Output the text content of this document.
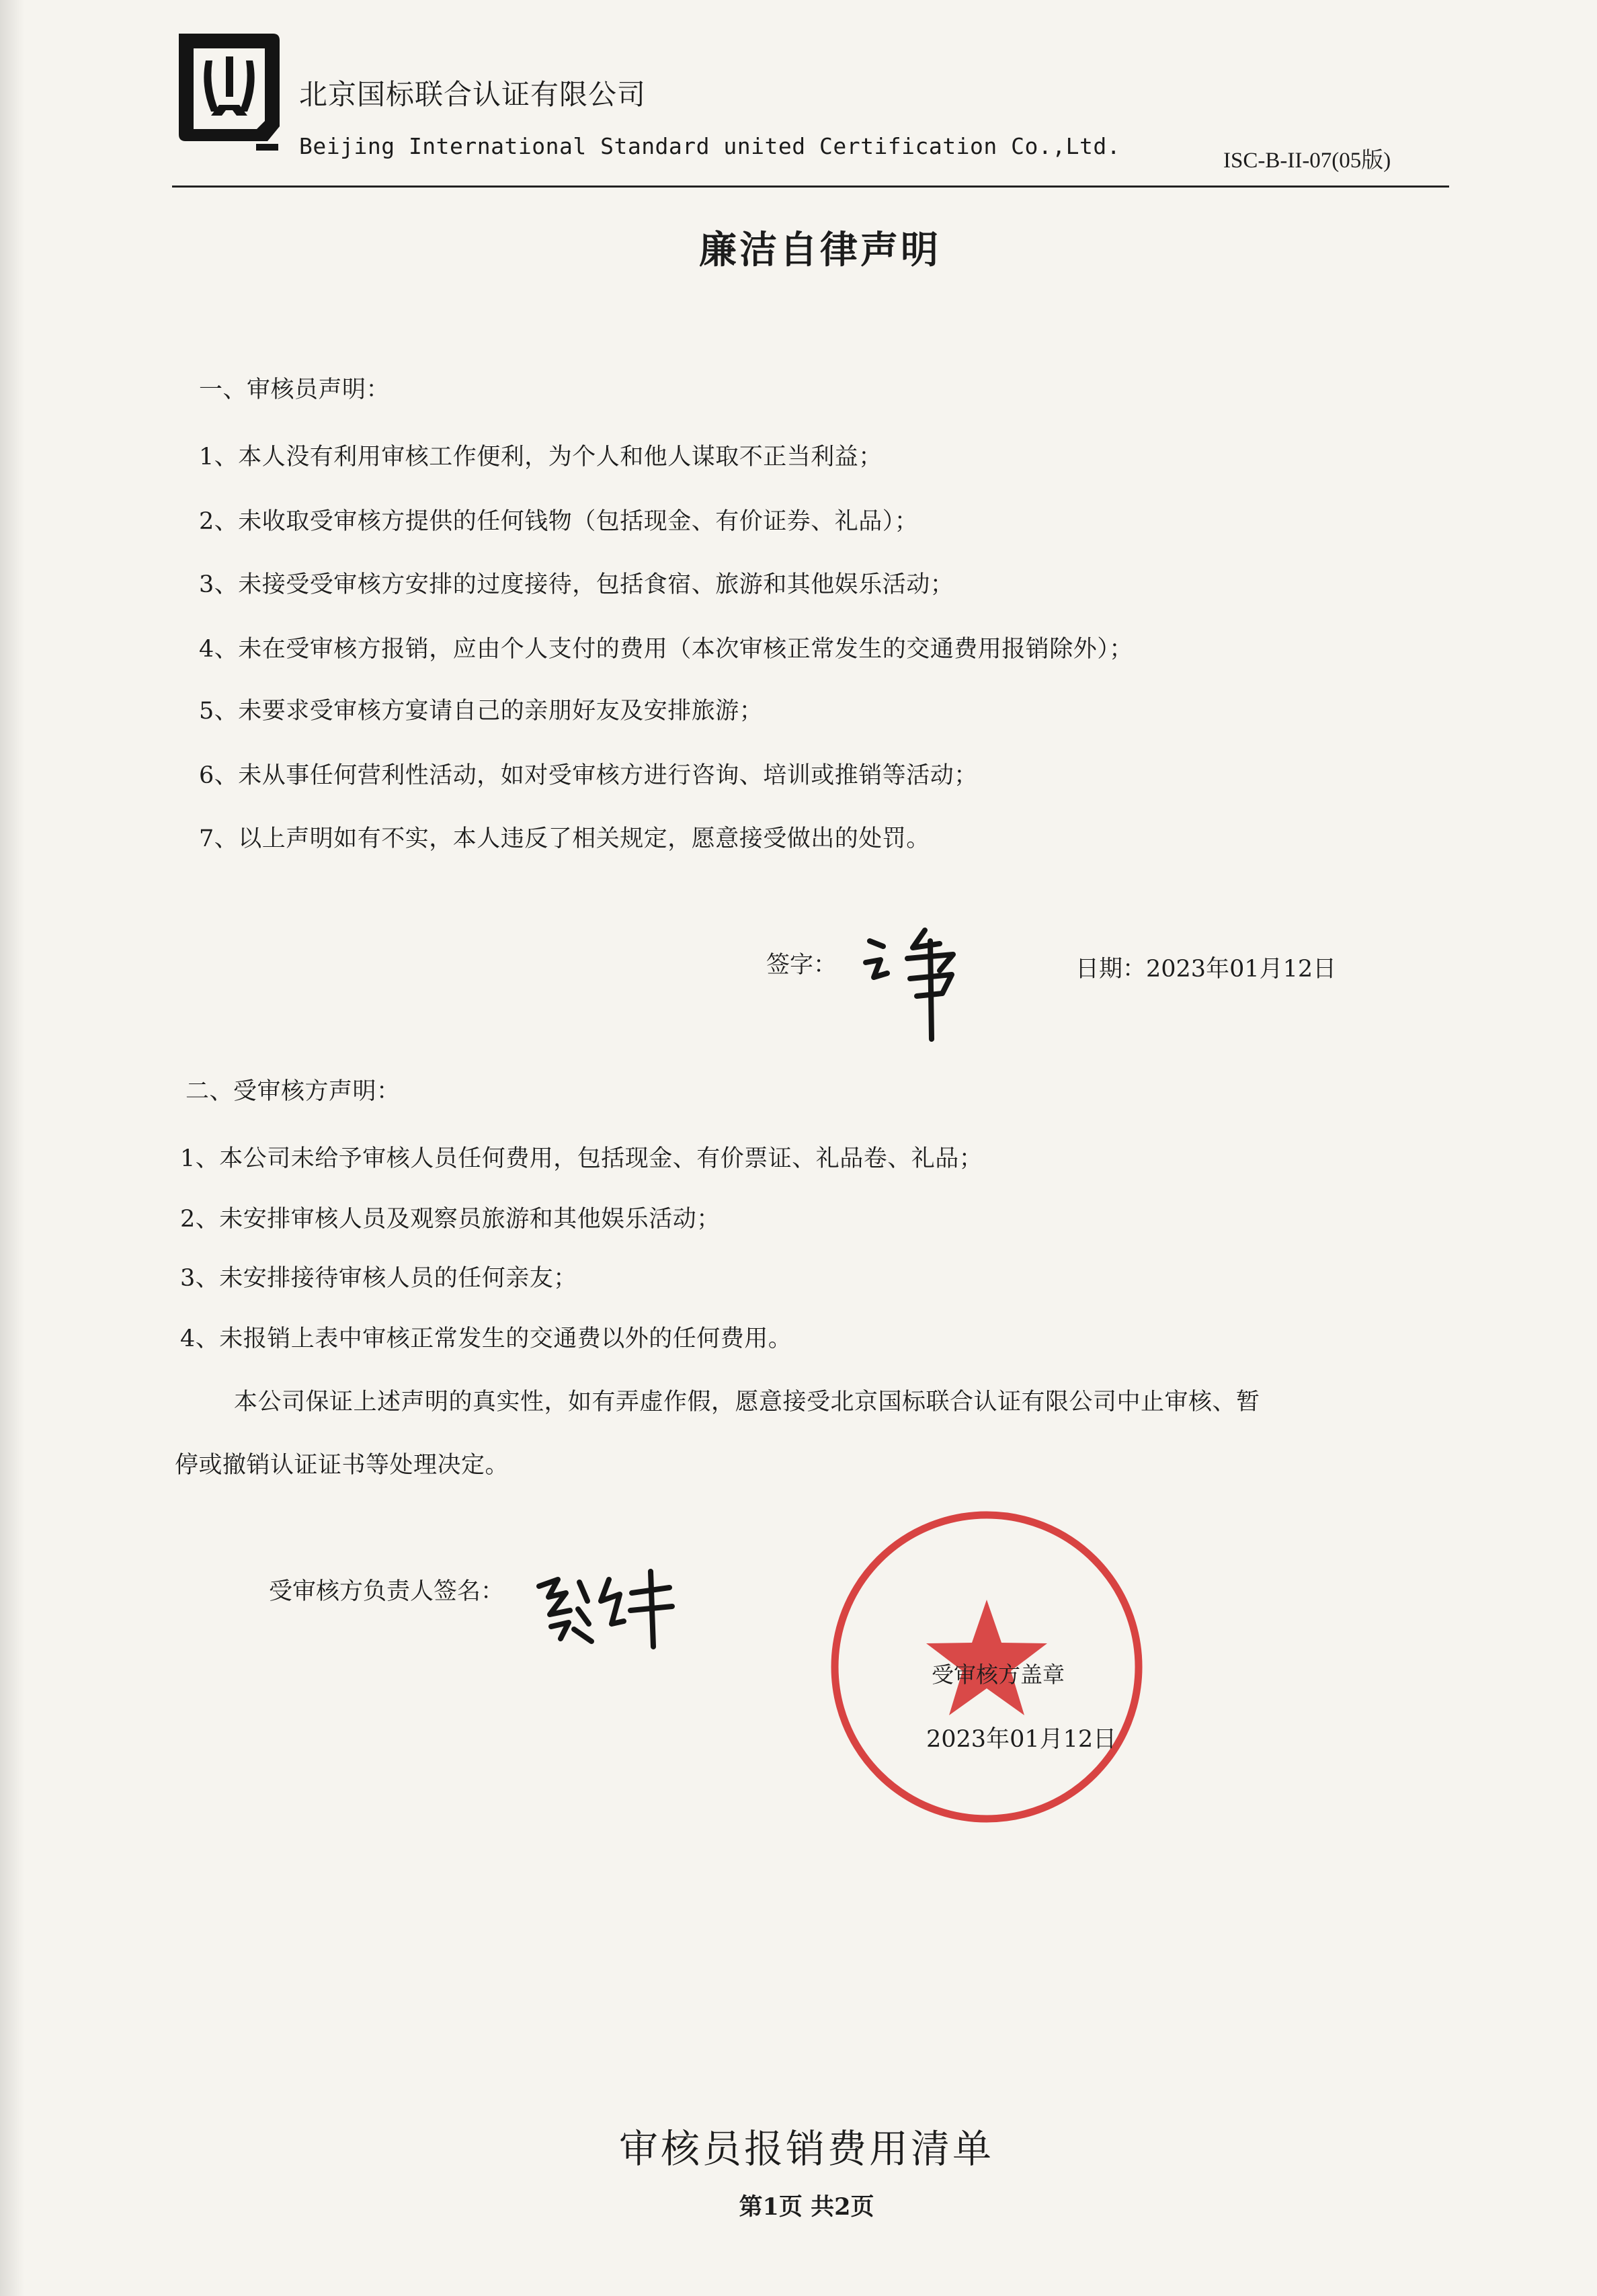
北京国标联合认证有限公司
Beijing International Standard united Certification Co.,Ltd.
ISC-B-II-07(05版)
廉洁自律声明
一、审核员声明：
1、本人没有利用审核工作便利，为个人和他人谋取不正当利益；
2、未收取受审核方提供的任何钱物（包括现金、有价证券、礼品）；
3、未接受受审核方安排的过度接待，包括食宿、旅游和其他娱乐活动；
4、未在受审核方报销，应由个人支付的费用（本次审核正常发生的交通费用报销除外）；
5、未要求受审核方宴请自己的亲朋好友及安排旅游；
6、未从事任何营利性活动，如对受审核方进行咨询、培训或推销等活动；
7、以上声明如有不实，本人违反了相关规定，愿意接受做出的处罚。
签字：	日期：2023年01月12日
二、受审核方声明：
1、本公司未给予审核人员任何费用，包括现金、有价票证、礼品卷、礼品；
2、未安排审核人员及观察员旅游和其他娱乐活动；
3、未安排接待审核人员的任何亲友；
4、未报销上表中审核正常发生的交通费以外的任何费用。
本公司保证上述声明的真实性，如有弄虚作假，愿意接受北京国标联合认证有限公司中止审核、暂
停或撤销认证证书等处理决定。
受审核方负责人签名：
受审核方盖章
2023年01月12日
审核员报销费用清单
第1页 共2页
